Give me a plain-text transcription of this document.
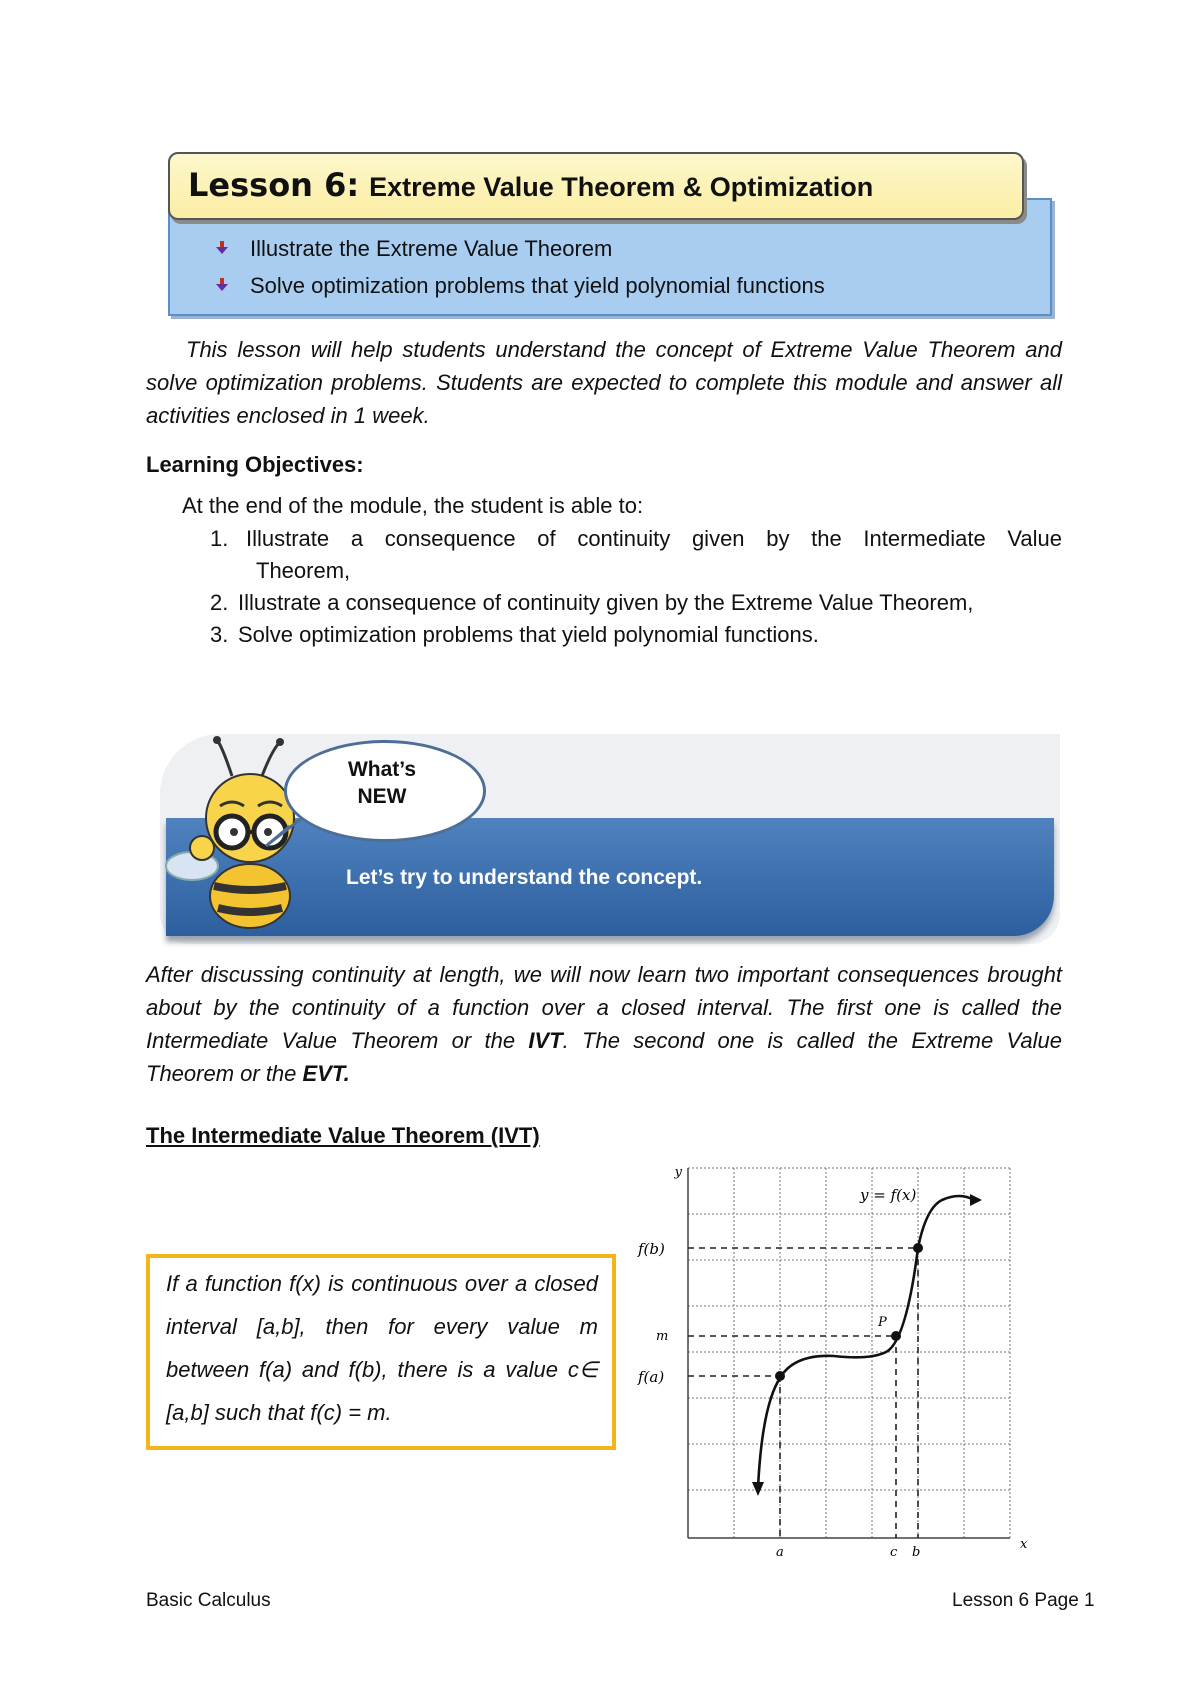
Lesson 6: Extreme Value Theorem & Optimization
Illustrate the Extreme Value Theorem
Solve optimization problems that yield polynomial functions
This lesson will help students understand the concept of Extreme Value Theorem and solve optimization problems. Students are expected to complete this module and answer all activities enclosed in 1 week.
Learning Objectives:
At the end of the module, the student is able to:
1. Illustrate a consequence of continuity given by the Intermediate Value
Theorem,
2. Illustrate a consequence of continuity given by the Extreme Value Theorem,
3. Solve optimization problems that yield polynomial functions.
Let’s try to understand the concept.
What’s
NEW
After discussing continuity at length, we will now learn two important consequences brought about by the continuity of a function over a closed interval. The first one is called the Intermediate Value Theorem or the IVT. The second one is called the Extreme Value Theorem or the EVT.
The Intermediate Value Theorem (IVT)
If a function f(x) is continuous over a closed interval [a,b], then for every value m between f(a) and f(b), there is a value c∈ [a,b] such that f(c) = m.
y
x
y = f(x)
f(b)
m
f(a)
P
a	c b
Basic Calculus	Lesson 6 Page 1
